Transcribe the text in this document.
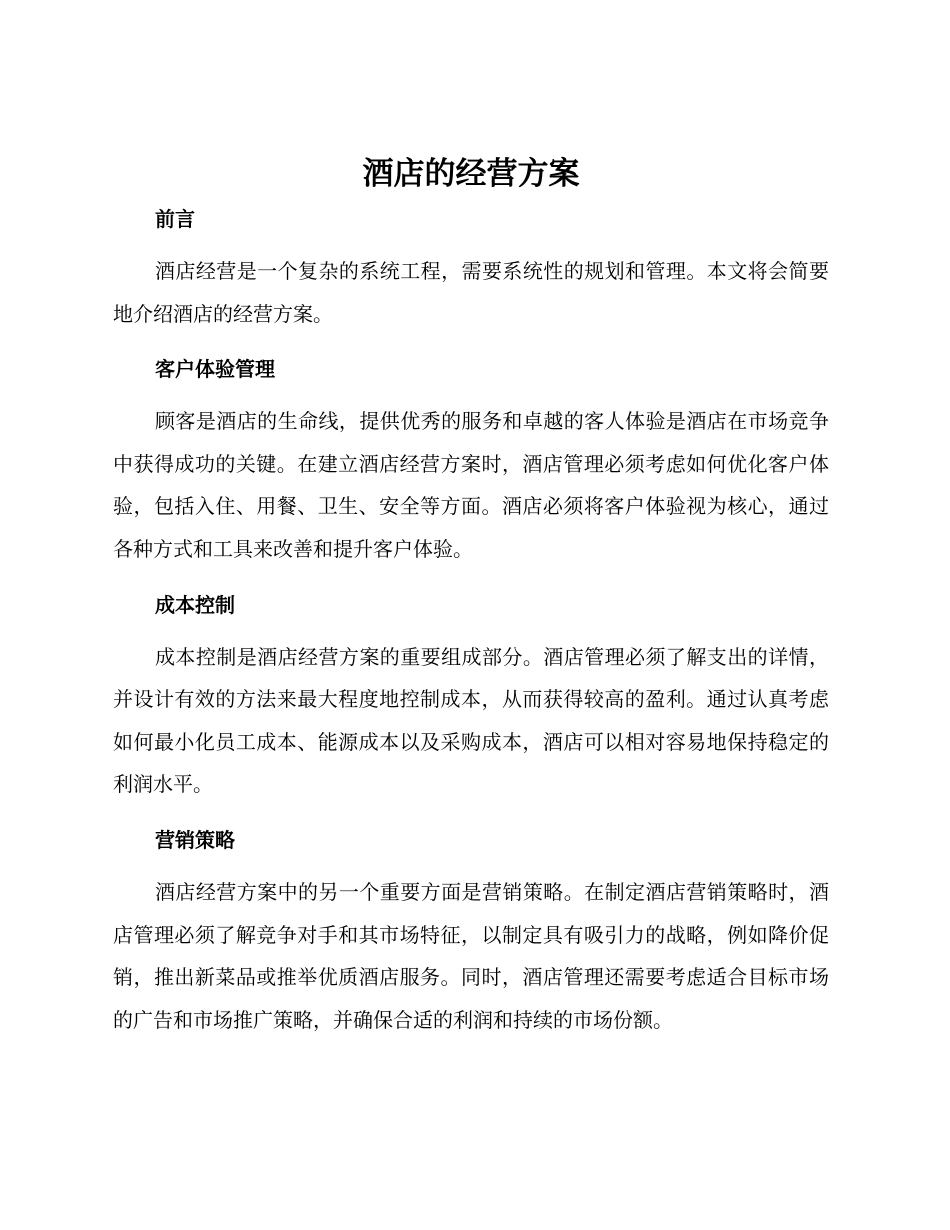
酒店的经营方案
前言

酒店经营是一个复杂的系统工程，需要系统性的规划和管理。本文将会简要地介绍酒店的经营方案。

客户体验管理

顾客是酒店的生命线，提供优秀的服务和卓越的客人体验是酒店在市场竞争中获得成功的关键。在建立酒店经营方案时，酒店管理必须考虑如何优化客户体验，包括入住、用餐、卫生、安全等方面。酒店必须将客户体验视为核心，通过各种方式和工具来改善和提升客户体验。

成本控制

成本控制是酒店经营方案的重要组成部分。酒店管理必须了解支出的详情，并设计有效的方法来最大程度地控制成本，从而获得较高的盈利。通过认真考虑如何最小化员工成本、能源成本以及采购成本，酒店可以相对容易地保持稳定的利润水平。

营销策略

酒店经营方案中的另一个重要方面是营销策略。在制定酒店营销策略时，酒店管理必须了解竞争对手和其市场特征，以制定具有吸引力的战略，例如降价促销，推出新菜品或推举优质酒店服务。同时，酒店管理还需要考虑适合目标市场的广告和市场推广策略，并确保合适的利润和持续的市场份额。
